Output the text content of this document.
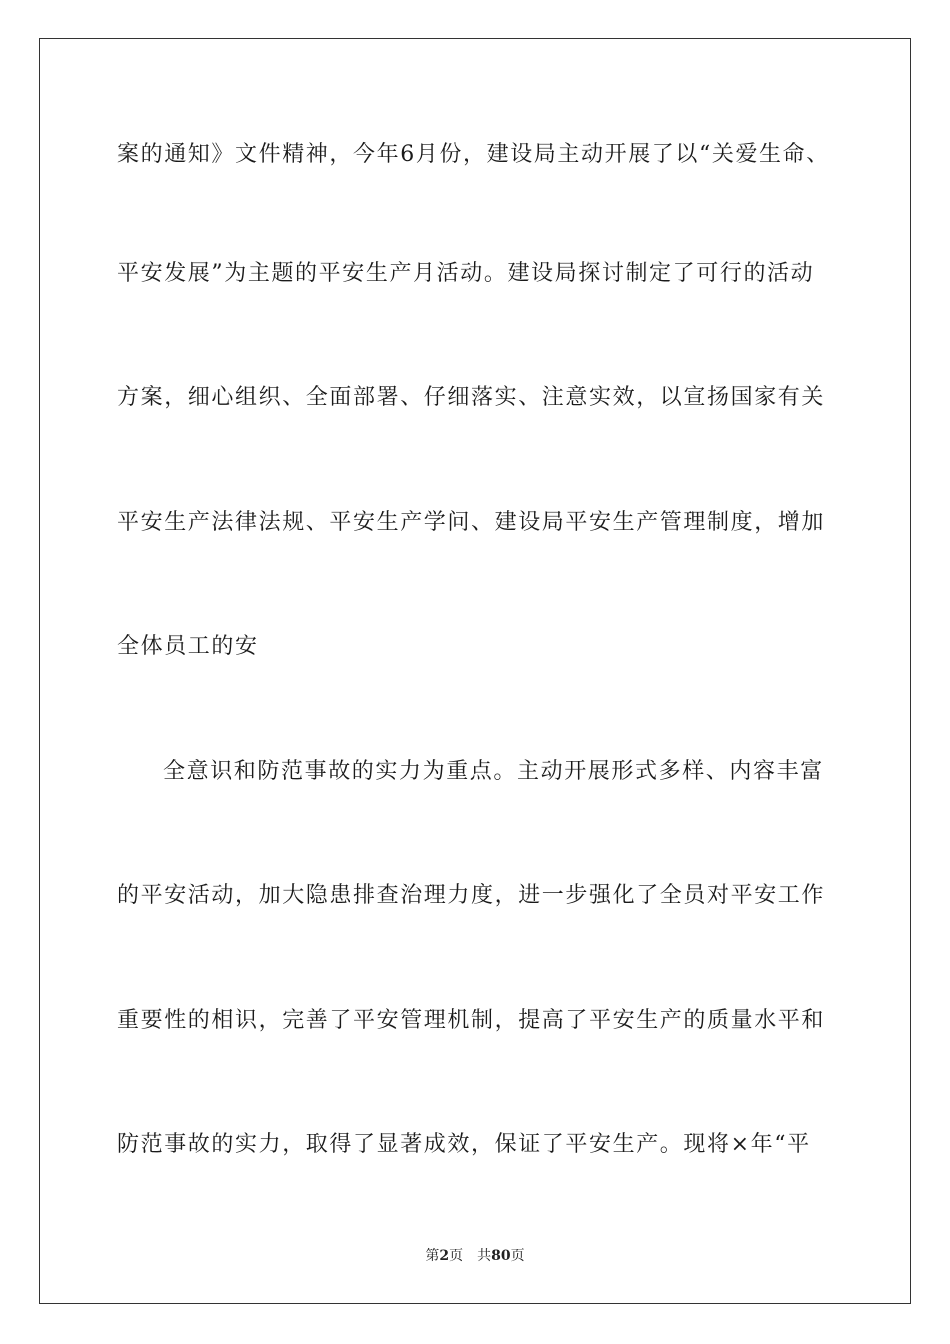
案的通知》文件精神，今年6月份，建设局主动开展了以“关爱生命、
平安发展”为主题的平安生产月活动。建设局探讨制定了可行的活动
方案，细心组织、全面部署、仔细落实、注意实效，以宣扬国家有关
平安生产法律法规、平安生产学问、建设局平安生产管理制度，增加
全体员工的安
全意识和防范事故的实力为重点。主动开展形式多样、内容丰富
的平安活动，加大隐患排查治理力度，进一步强化了全员对平安工作
重要性的相识，完善了平安管理机制，提高了平安生产的质量水平和
防范事故的实力，取得了显著成效，保证了平安生产。现将×年“平
第2页 共80页
